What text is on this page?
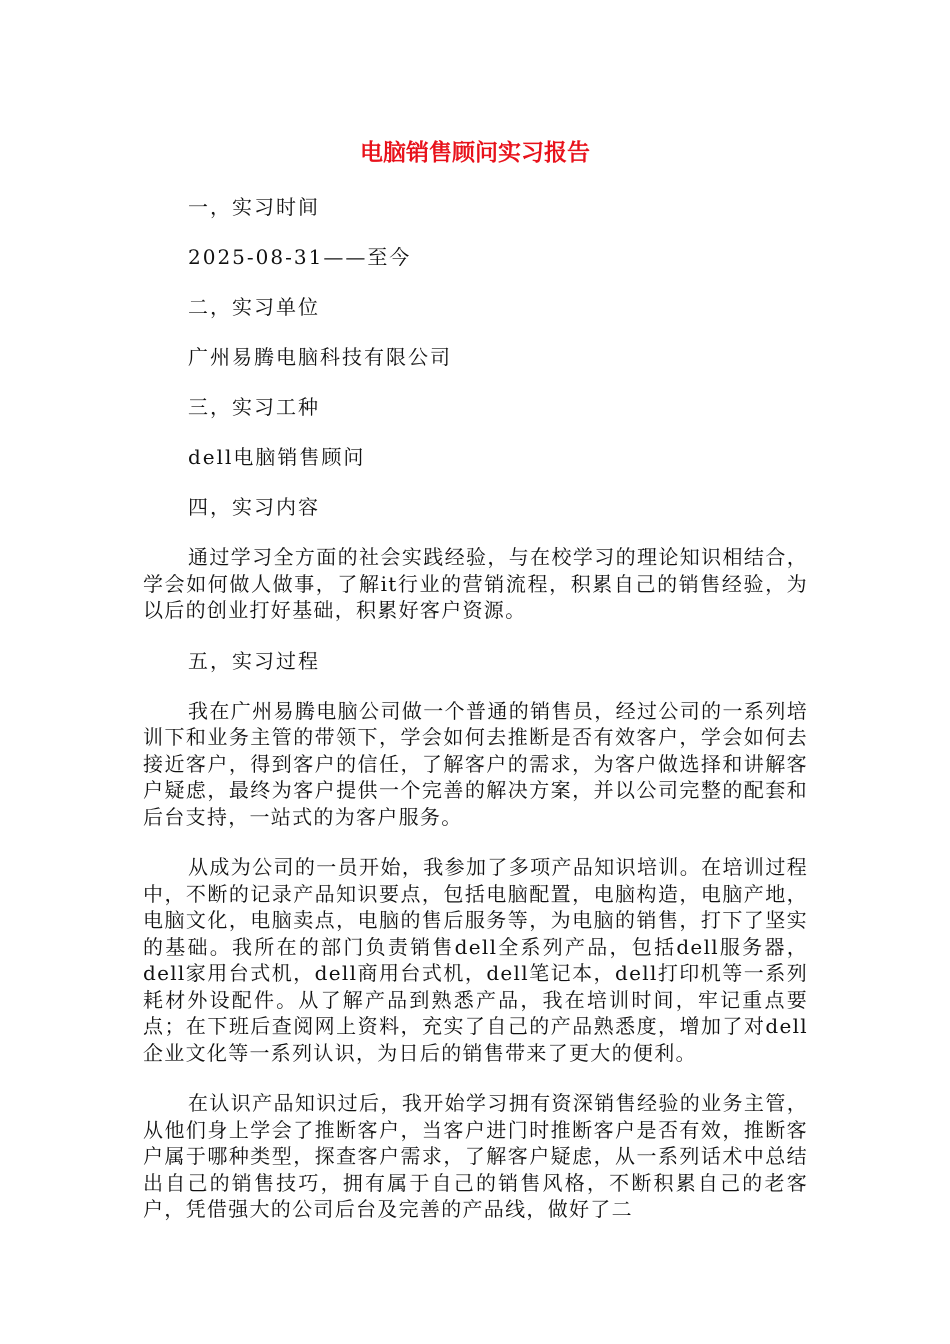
电脑销售顾问实习报告

一，实习时间

2025-08-31——至今

二，实习单位

广州易腾电脑科技有限公司

三，实习工种

dell电脑销售顾问

四，实习内容

通过学习全方面的社会实践经验，与在校学习的理论知识相结合，学会如何做人做事，了解it行业的营销流程，积累自己的销售经验，为以后的创业打好基础，积累好客户资源。

五，实习过程

我在广州易腾电脑公司做一个普通的销售员，经过公司的一系列培训下和业务主管的带领下，学会如何去推断是否有效客户，学会如何去接近客户，得到客户的信任，了解客户的需求，为客户做选择和讲解客户疑虑，最终为客户提供一个完善的解决方案，并以公司完整的配套和后台支持，一站式的为客户服务。

从成为公司的一员开始，我参加了多项产品知识培训。在培训过程中，不断的记录产品知识要点，包括电脑配置，电脑构造，电脑产地，电脑文化，电脑卖点，电脑的售后服务等，为电脑的销售，打下了坚实的基础。我所在的部门负责销售dell全系列产品，包括dell服务器，dell家用台式机，dell商用台式机，dell笔记本，dell打印机等一系列耗材外设配件。从了解产品到熟悉产品，我在培训时间，牢记重点要点；在下班后查阅网上资料，充实了自己的产品熟悉度，增加了对dell企业文化等一系列认识，为日后的销售带来了更大的便利。

在认识产品知识过后，我开始学习拥有资深销售经验的业务主管，从他们身上学会了推断客户，当客户进门时推断客户是否有效，推断客户属于哪种类型，探查客户需求，了解客户疑虑，从一系列话术中总结出自己的销售技巧，拥有属于自己的销售风格，不断积累自己的老客户，凭借强大的公司后台及完善的产品线，做好了二
